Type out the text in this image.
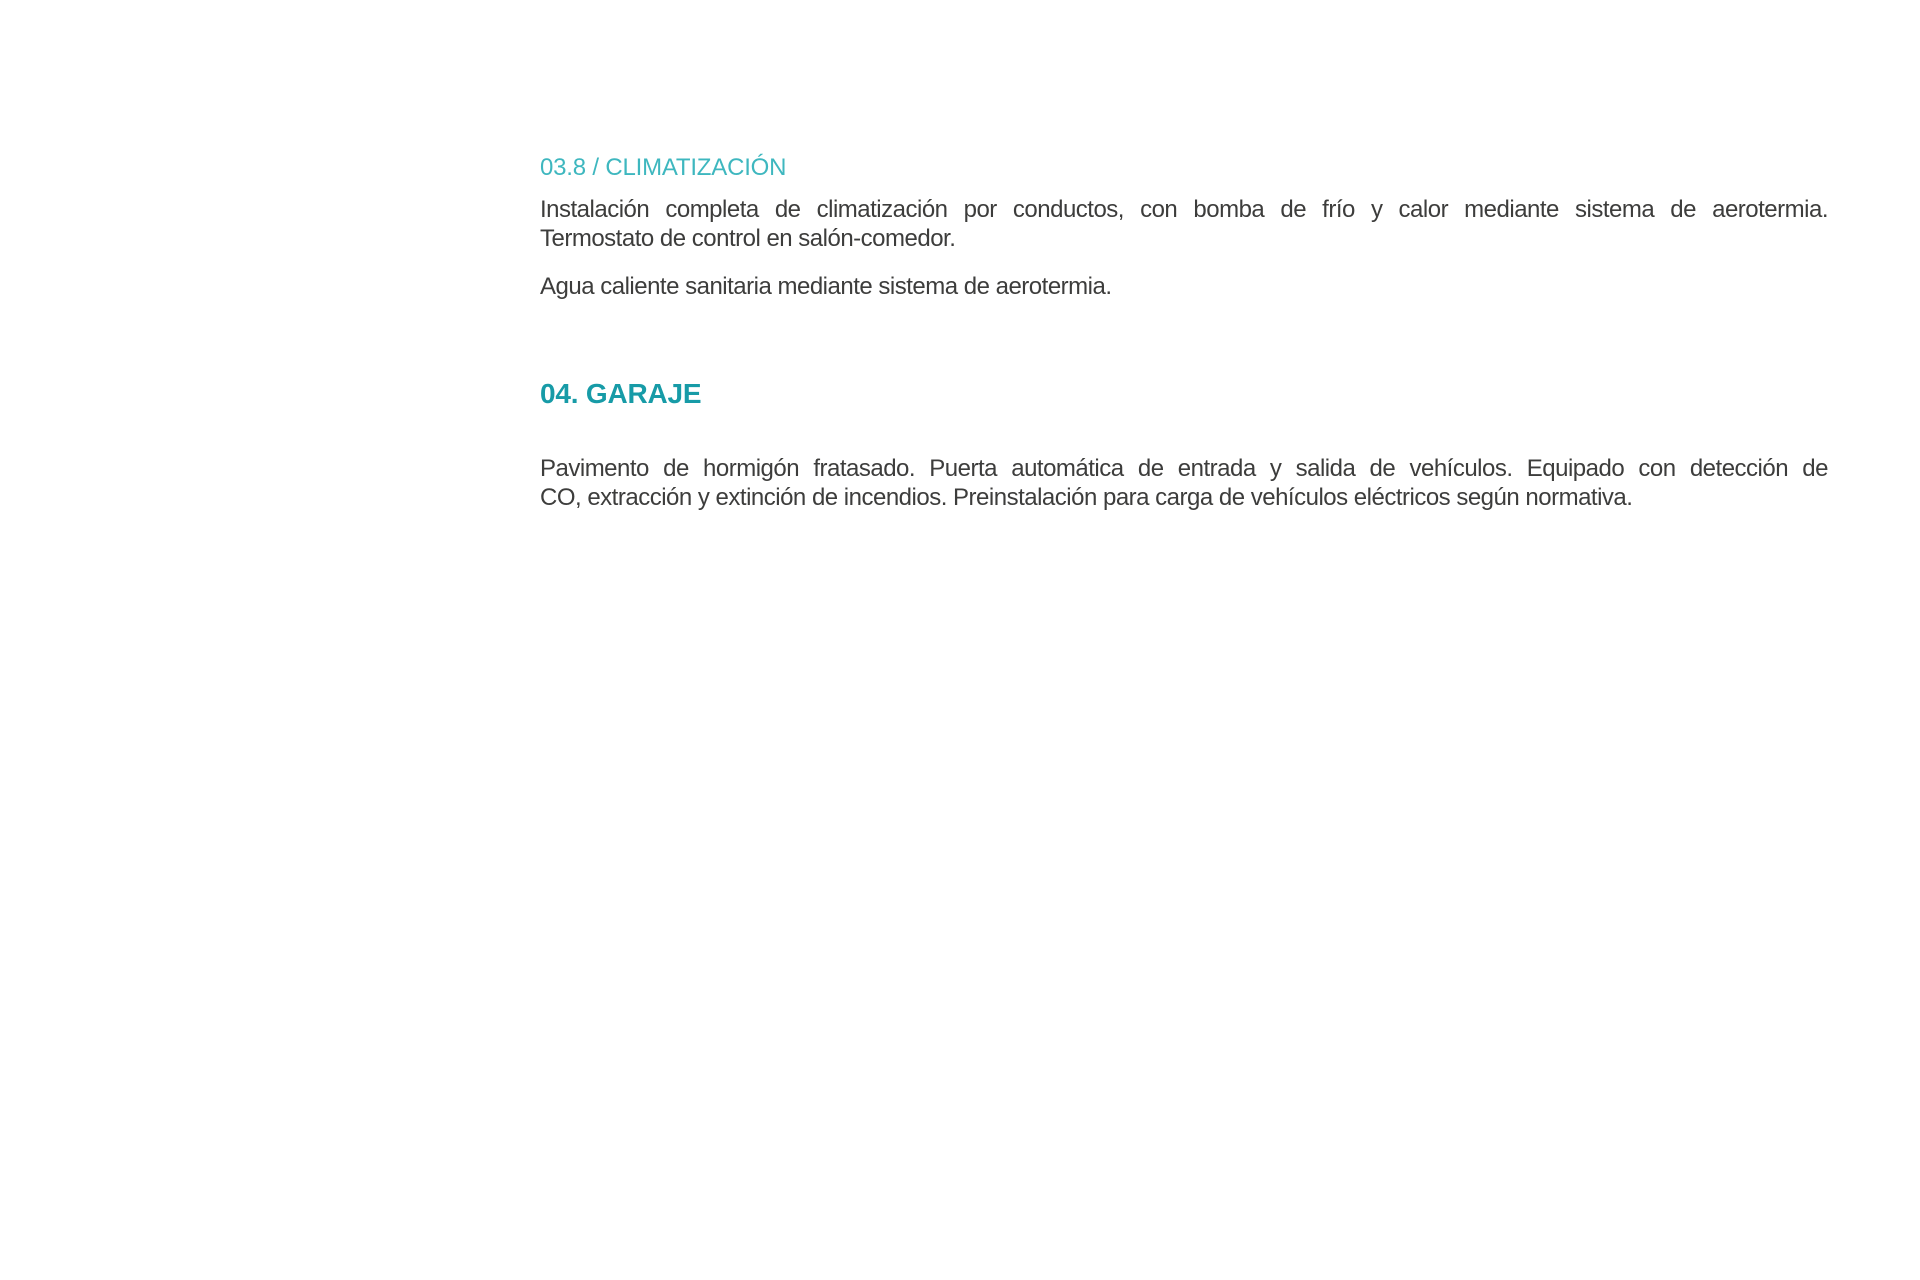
03.8 / CLIMATIZACIÓN
Instalación completa de climatización por conductos, con bomba de frío y calor mediante sistema de aerotermia.
Termostato de control en salón-comedor.
Agua caliente sanitaria mediante sistema de aerotermia.
04. GARAJE
Pavimento de hormigón fratasado. Puerta automática de entrada y salida de vehículos. Equipado con detección de
CO, extracción y extinción de incendios. Preinstalación para carga de vehículos eléctricos según normativa.
